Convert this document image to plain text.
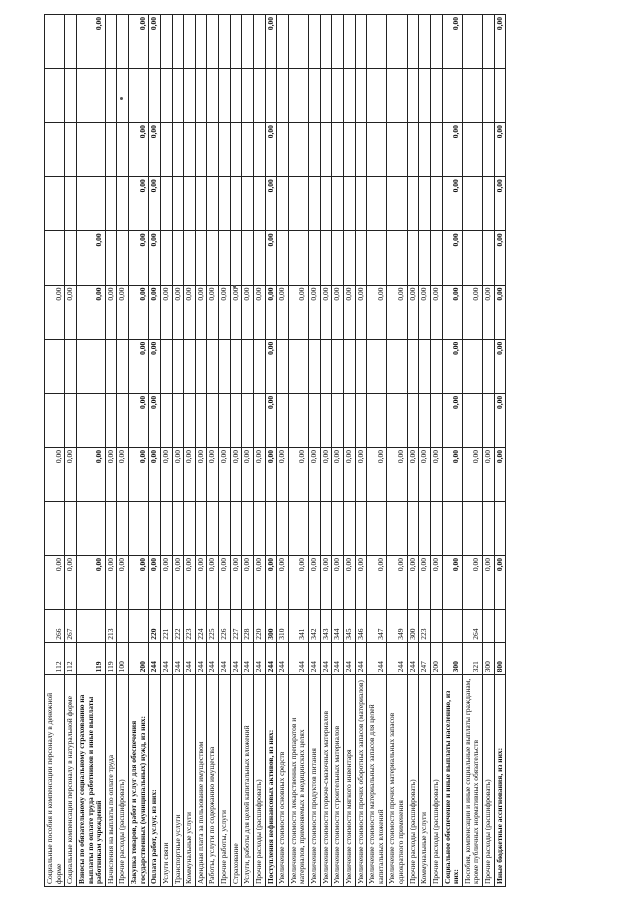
Социальные пособия и компенсации персоналу в денежной форме	112	266	0,00		0,00			0,00					
Социальные компенсации персоналу в натуральной форме	112	267	0,00		0,00			0,00					
Взносы по обязательному социальному страхованию на выплаты по оплате труда работников и иные выплаты работникам учреждений	119		0,00		0,00			0,00	0,00				0,00
Начисления на выплаты по оплате труда	119	213	0,00		0,00			0,00					
Прочие расходы (расшифровать)	100		0,00		0,00			0,00					
Закупка товаров, работ и услуг для обеспечения государственных (муниципальных) нужд, из них:	200		0,00		0,00	0,00	0,00	0,00	0,00	0,00	0,00		0,00
Оплата работ, услуг, из них:	244	220	0,00		0,00	0,00	0,00	0,00	0,00	0,00	0,00		0,00
Услуги связи	244	221	0,00		0,00			0,00					
Транспортные услуги	244	222	0,00		0,00			0,00					
Коммунальные услуги	244	223	0,00		0,00			0,00					
Арендная плата за пользование имуществом	244	224	0,00		0,00			0,00					
Работы, услуги по содержанию имущества	244	225	0,00		0,00			0,00					
Прочие работы, услуги	244	226	0,00		0,00			0,00					
Страхование	244	227	0,00		0,00			0,00					
Услуги, работы для целей капитальных вложений	244	228	0,00		0,00			0,00					
Прочие расходы (расшифровать)	244	220	0,00		0,00			0,00					
Поступления нефинансовых активов, из них:	244	300	0,00		0,00	0,00	0,00	0,00	0,00	0,00	0,00		0,00
Увеличение стоимости основных средств	244	310	0,00		0,00			0,00					
Увеличение стоимости лекарственных препаратов и материалов, применяемых в медицинских целях	244	341	0,00		0,00			0,00					
Увеличение стоимости продуктов питания	244	342	0,00		0,00			0,00					
Увеличение стоимости горюче-смазочных материалов	244	343	0,00		0,00			0,00					
Увеличение стоимости строительных материалов	244	344	0,00		0,00			0,00					
Увеличение стоимости мягкого инвентаря	244	345	0,00		0,00			0,00					
Увеличение стоимости прочих оборотных запасов (материалов)	244	346	0,00		0,00			0,00					
Увеличение стоимости материальных запасов для целей капитальных вложений	244	347	0,00		0,00			0,00					
Увеличение стоимости прочих материальных запасов однократного применения	244	349	0,00		0,00			0,00					
Прочие расходы (расшифровать)	244	300	0,00		0,00			0,00					
Коммунальные услуги	247	223	0,00		0,00			0,00					
Прочие расходы (расшифровать)	200		0,00		0,00			0,00					
Социальное обеспечение и иные выплаты населению, из них:	300		0,00		0,00	0,00	0,00	0,00	0,00	0,00	0,00		0,00
Пособия, компенсации и иные социальные выплаты гражданам, кроме публичных нормативных обязательств	321	264	0,00		0,00			0,00					
Прочие расходы (расшифровать)	300		0,00		0,00			0,00					
Иные бюджетные ассигнования, из них:	800		0,00		0,00	0,00	0,00	0,00	0,00	0,00	0,00		0,00
